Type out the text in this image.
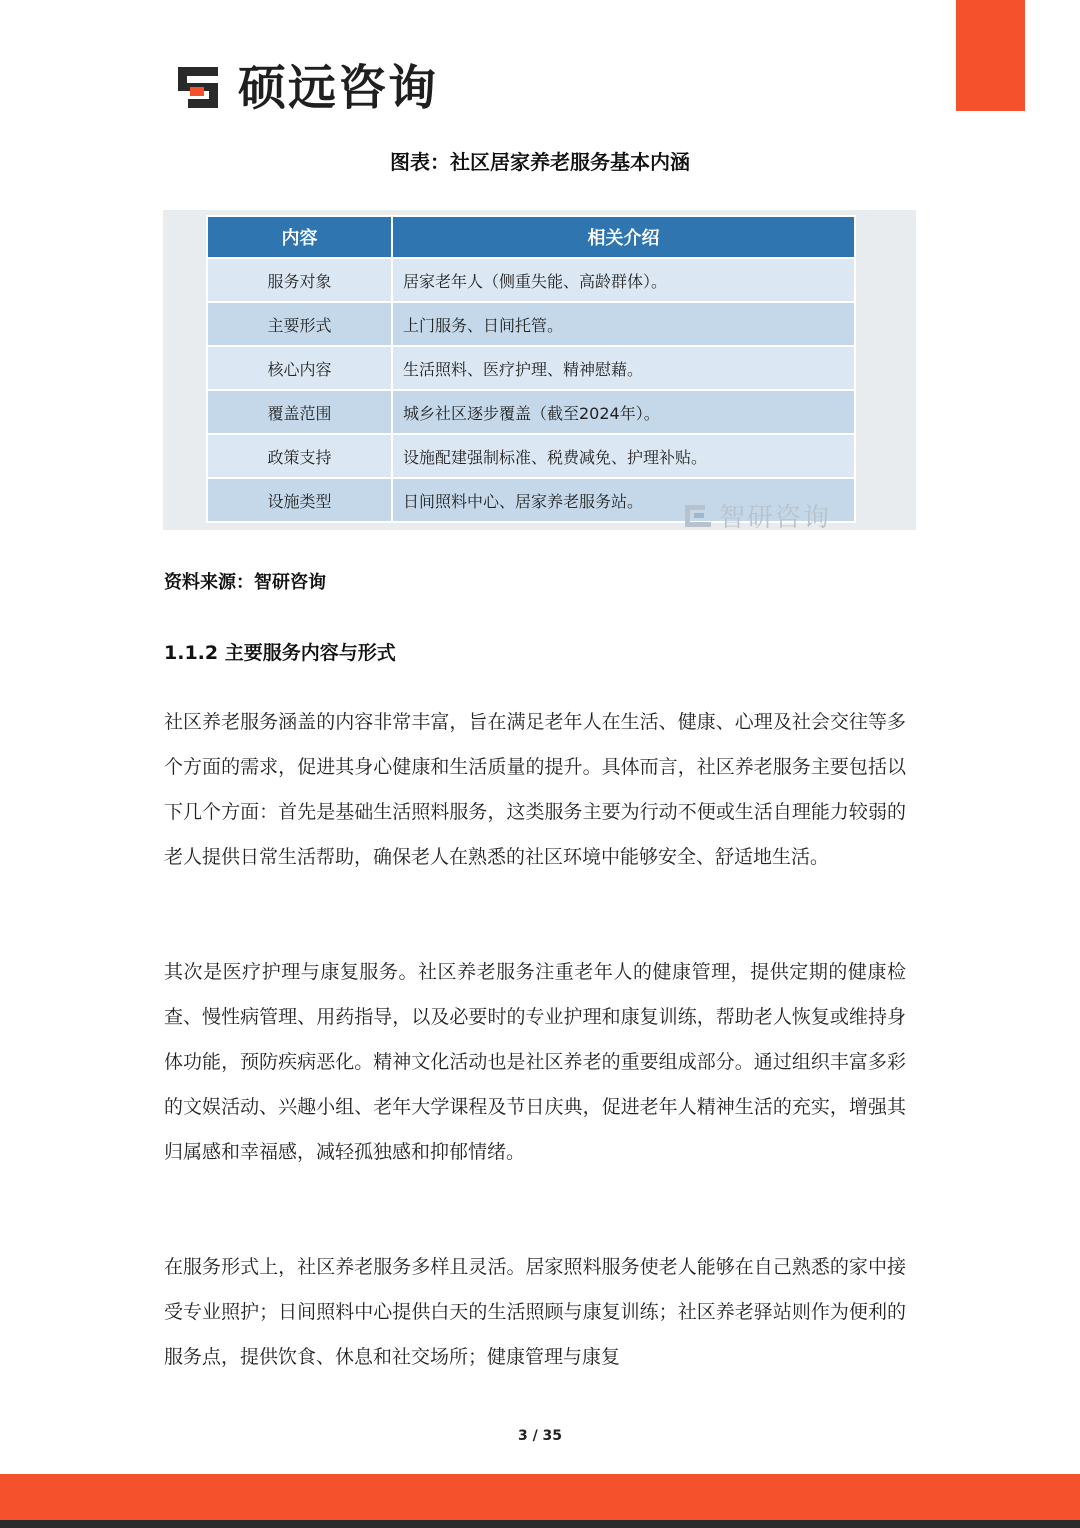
硕远咨询
图表：社区居家养老服务基本内涵
内容	相关介绍
服务对象	居家老年人（侧重失能、高龄群体）。
主要形式	上门服务、日间托管。
核心内容	生活照料、医疗护理、精神慰藉。
覆盖范围	城乡社区逐步覆盖（截至2024年）。
政策支持	设施配建强制标准、税费减免、护理补贴。
设施类型	日间照料中心、居家养老服务站。
智研咨询
资料来源：智研咨询
1.1.2 主要服务内容与形式

社区养老服务涵盖的内容非常丰富，旨在满足老年人在生活、健康、心理及社会交往等多个方面的需求，促进其身心健康和生活质量的提升。具体而言，社区养老服务主要包括以下几个方面：首先是基础生活照料服务，这类服务主要为行动不便或生活自理能力较弱的老人提供日常生活帮助，确保老人在熟悉的社区环境中能够安全、舒适地生活。

其次是医疗护理与康复服务。社区养老服务注重老年人的健康管理，提供定期的健康检查、慢性病管理、用药指导，以及必要时的专业护理和康复训练，帮助老人恢复或维持身体功能，预防疾病恶化。精神文化活动也是社区养老的重要组成部分。通过组织丰富多彩的文娱活动、兴趣小组、老年大学课程及节日庆典，促进老年人精神生活的充实，增强其归属感和幸福感，减轻孤独感和抑郁情绪。

在服务形式上，社区养老服务多样且灵活。居家照料服务使老人能够在自己熟悉的家中接受专业照护；日间照料中心提供白天的生活照顾与康复训练；社区养老驿站则作为便利的服务点，提供饮食、休息和社交场所；健康管理与康复

3 / 35
